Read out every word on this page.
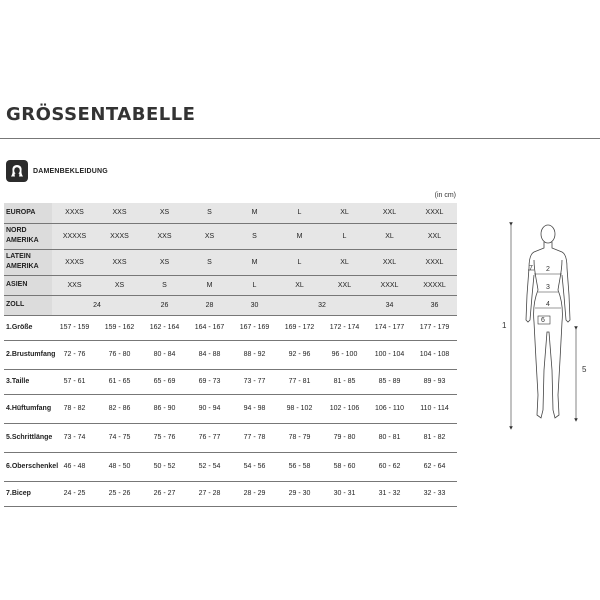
GRÖSSENTABELLE
DAMENBEKLEIDUNG
(in cm)
EUROPA	XXXS	XXS	XS	S	M	L	XL	XXL	XXXL
NORD AMERIKA	XXXXS	XXXS	XXS	XS	S	M	L	XL	XXL
LATEIN AMERIKA	XXXS	XXS	XS	S	M	L	XL	XXL	XXXL
ASIEN	XXS	XS	S	M	L	XL	XXL	XXXL	XXXXL
ZOLL	24		26	28	30	32		34	36
1.Größe	157 - 159	159 - 162	162 - 164	164 - 167	167 - 169	169 - 172	172 - 174	174 - 177	177 - 179
2.Brustumfang	72 - 76	76 - 80	80 - 84	84 - 88	88 - 92	92 - 96	96 - 100	100 - 104	104 - 108
3.Taille	57 - 61	61 - 65	65 - 69	69 - 73	73 - 77	77 - 81	81 - 85	85 - 89	89 - 93
4.Hüftumfang	78 - 82	82 - 86	86 - 90	90 - 94	94 - 98	98 - 102	102 - 106	106 - 110	110 - 114
5.Schrittlänge	73 - 74	74 - 75	75 - 76	76 - 77	77 - 78	78 - 79	79 - 80	80 - 81	81 - 82
6.Oberschenkel	46 - 48	48 - 50	50 - 52	52 - 54	54 - 56	56 - 58	58 - 60	60 - 62	62 - 64
7.Bicep	24 - 25	25 - 26	26 - 27	27 - 28	28 - 29	29 - 30	30 - 31	31 - 32	32 - 33
1
5
7 2
3
4
6
